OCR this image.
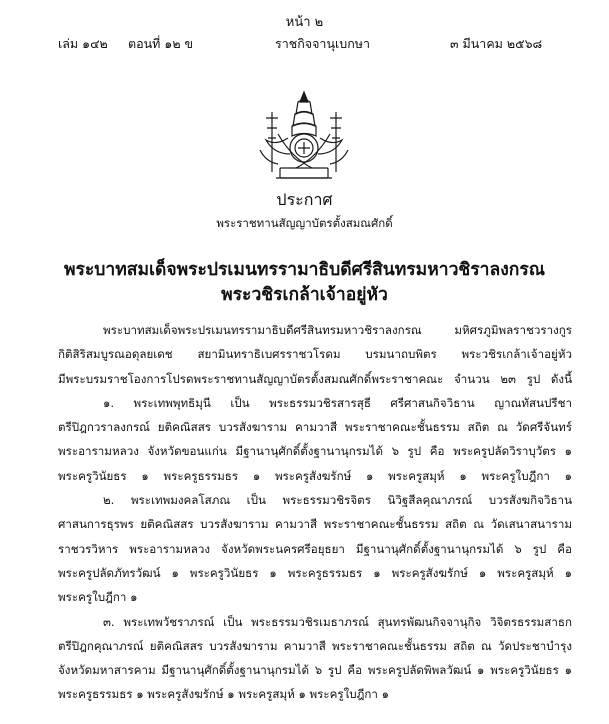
หน้า ๒
เล่ม ๑๔๒ ตอนที่ ๑๒ ข	ราชกิจจานุเบกษา	๓ มีนาคม ๒๕๖๘
ประกาศ
พระราชทานสัญญาบัตรตั้งสมณศักดิ์
พระบาทสมเด็จพระปรเมนทรรามาธิบดีศรีสินทรมหาวชิราลงกรณ
พระวชิรเกล้าเจ้าอยู่หัว
พระบาทสมเด็จพระปรเมนทรรามาธิบดีศรีสินทรมหาวชิราลงกรณ มหิศรภูมิพลราชวรางกูร
กิติสิริสมบูรณอดุลยเดช สยามินทราธิเบศรราชวโรดม บรมนาถบพิตร พระวชิรเกล้าเจ้าอยู่หัว
มีพระบรมราชโองการโปรดพระราชทานสัญญาบัตรตั้งสมณศักดิ์พระราชาคณะ จำนวน ๒๓ รูป ดังนี้
๑. พระเทพพุทธิมุนี เป็น พระธรรมวชิรสารสุธี ศรีศาสนกิจวิธาน ญาณทัสนปรีชา
ตรีปิฎกวราลงกรณ์ ยติคณิสสร บวรสังฆาราม คามวาสี พระราชาคณะชั้นธรรม สถิต ณ วัดศรีจันทร์
พระอารามหลวง จังหวัดขอนแก่น มีฐานานุศักดิ์ตั้งฐานานุกรมได้ ๖ รูป คือ พระครูปลัดวิราบุวัตร ๑
พระครูวินัยธร ๑ พระครูธรรมธร ๑ พระครูสังฆรักษ์ ๑ พระครูสมุห์ ๑ พระครูใบฎีกา ๑
๒. พระเทพมงคลโสภณ เป็น พระธรรมวชิรจิตร นิวิฐสีลคุณาภรณ์ บวรสังฆกิจวิธาน
ศาสนการธุรพร ยติคณิสสร บวรสังฆาราม คามวาสี พระราชาคณะชั้นธรรม สถิต ณ วัดเสนาสนาราม
ราชวรวิหาร พระอารามหลวง จังหวัดพระนครศรีอยุธยา มีฐานานุศักดิ์ตั้งฐานานุกรมได้ ๖ รูป คือ
พระครูปลัดภัทรวัฒน์ ๑ พระครูวินัยธร ๑ พระครูธรรมธร ๑ พระครูสังฆรักษ์ ๑ พระครูสมุห์ ๑
พระครูใบฎีกา ๑
๓. พระเทพวัชราภรณ์ เป็น พระธรรมวชิรเมธาภรณ์ สุนทรพัฒนกิจจานุกิจ วิจิตรธรรมสาธก
ตรีปิฎกคุณาภรณ์ ยติคณิสสร บวรสังฆาราม คามวาสี พระราชาคณะชั้นธรรม สถิต ณ วัดประชาบำรุง
จังหวัดมหาสารคาม มีฐานานุศักดิ์ตั้งฐานานุกรมได้ ๖ รูป คือ พระครูปลัดพิพลวัฒน์ ๑ พระครูวินัยธร ๑
พระครูธรรมธร ๑ พระครูสังฆรักษ์ ๑ พระครูสมุห์ ๑ พระครูใบฎีกา ๑
